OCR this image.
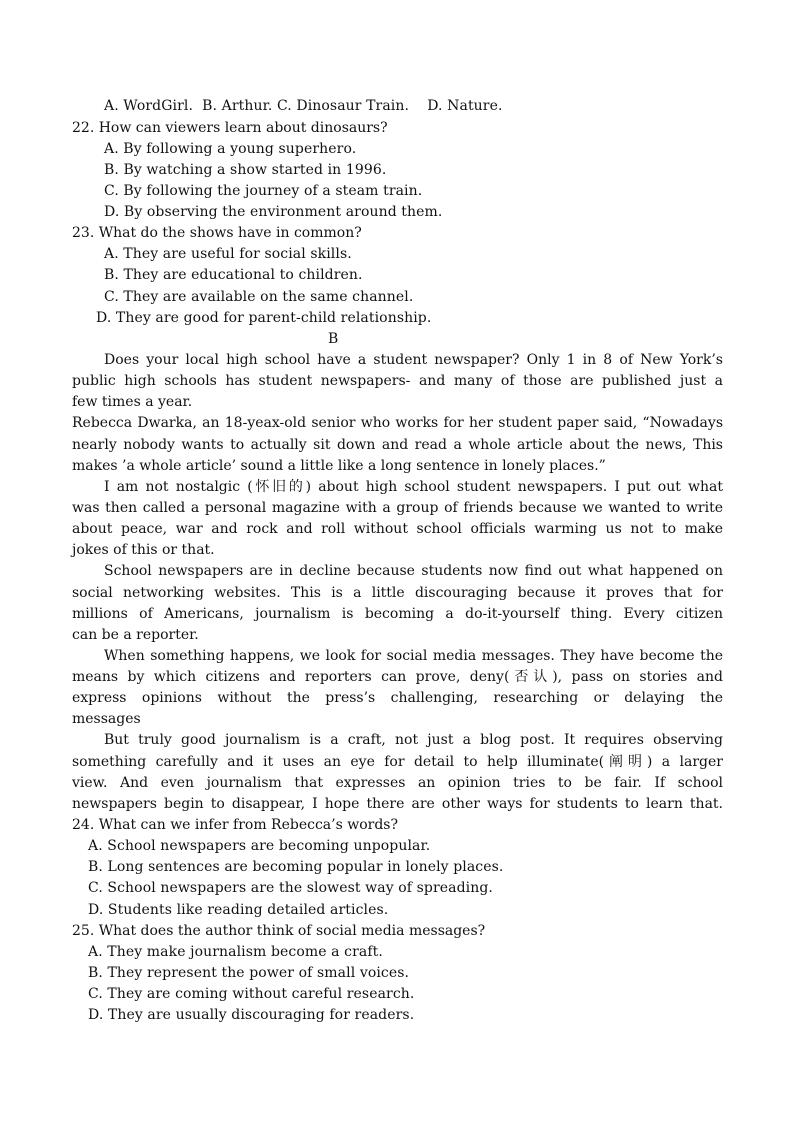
A. WordGirl. B. Arthur. C. Dinosaur Train. D. Nature.
22. How can viewers learn about dinosaurs?
A. By following a young superhero.
B. By watching a show started in 1996.
C. By following the journey of a steam train.
D. By observing the environment around them.
23. What do the shows have in common?
A. They are useful for social skills.
B. They are educational to children.
C. They are available on the same channel.
D. They are good for parent-child relationship.
B
Does your local high school have a student newspaper? Only 1 in 8 of New York’s
public high schools has student newspapers- and many of those are published just a
few times a year.
Rebecca Dwarka, an 18-yeax-old senior who works for her student paper said, “Nowadays
nearly nobody wants to actually sit down and read a whole article about the news, This
makes ’a whole article’ sound a little like a long sentence in lonely places.”
I am not nostalgic (怀旧的) about high school student newspapers. I put out what
was then called a personal magazine with a group of friends because we wanted to write
about peace, war and rock and roll without school officials warming us not to make
jokes of this or that.
School newspapers are in decline because students now find out what happened on
social networking websites. This is a little discouraging because it proves that for
millions of Americans, journalism is becoming a do-it-yourself thing. Every citizen
can be a reporter.
When something happens, we look for social media messages. They have become the
means by which citizens and reporters can prove, deny(否认), pass on stories and
express opinions without the press’s challenging, researching or delaying the
messages
But truly good journalism is a craft, not just a blog post. It requires observing
something carefully and it uses an eye for detail to help illuminate(阐明) a larger
view. And even journalism that expresses an opinion tries to be fair. If school
newspapers begin to disappear, I hope there are other ways for students to learn that.
24. What can we infer from Rebecca’s words?
A. School newspapers are becoming unpopular.
B. Long sentences are becoming popular in lonely places.
C. School newspapers are the slowest way of spreading.
D. Students like reading detailed articles.
25. What does the author think of social media messages?
A. They make journalism become a craft.
B. They represent the power of small voices.
C. They are coming without careful research.
D. They are usually discouraging for readers.
